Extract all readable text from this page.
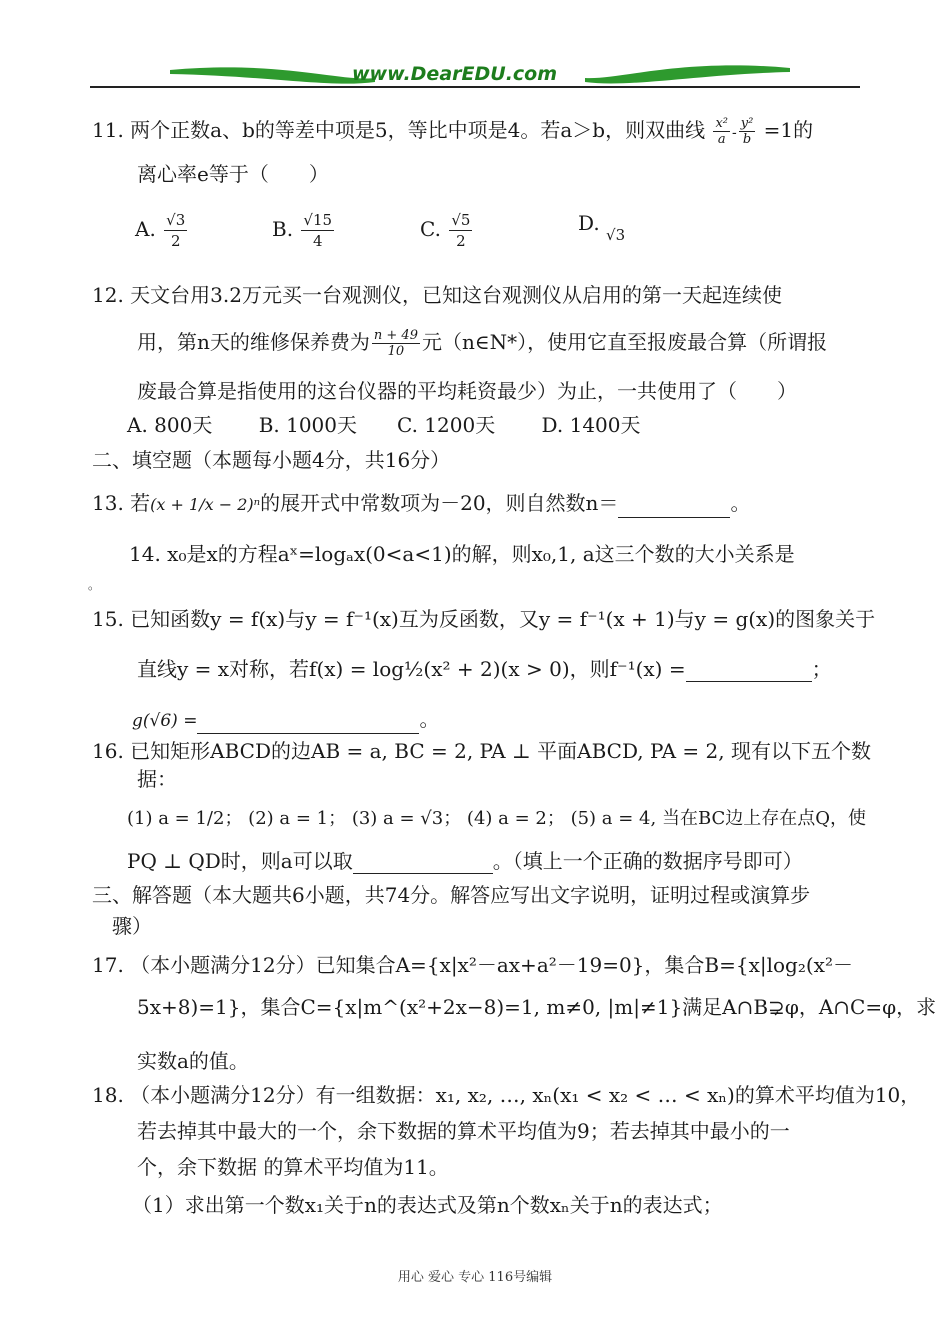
www.DearEDU.com
11. 两个正数a、b的等差中项是5，等比中项是4。若a＞b，则双曲线 $\frac{\text{x²}}{a} - \frac{\text{y²}}{b} =1$的
离心率e等于（　　）
A. $\frac{√3}{2}$	B. $\frac{√15}{4}$	C. $\frac{√5}{2}$	D. $_{√3}$
12. 天文台用3.2万元买一台观测仪，已知这台观测仪从启用的第一天起连续使
用，第n天的维修保养费为 $\frac{n + 49}{10}$ 元（n∈N*），使用它直至报废最合算（所谓报
废最合算是指使用的这台仪器的平均耗资最少）为止，一共使用了（　　）
A. 800天　　 B. 1000天　　C. 1200天　　 D. 1400天
二、填空题（本题每小题4分，共16分）
13. 若(x + 1/x − 2)ⁿ的展开式中常数项为－20，则自然数n＝	。
14. x₀是x的方程aˣ=logₐx(0<a<1)的解，则x₀,1, a这三个数的大小关系是
。
15. 已知函数y = f(x)与y = f⁻¹(x)互为反函数，又y = f⁻¹(x + 1)与y = g(x)的图象关于
直线y = x对称，若f(x) = log½(x² + 2)(x > 0)，则f⁻¹(x) =	；
g(√6) =	。
16. 已知矩形ABCD的边AB = a, BC = 2, PA ⊥ 平面ABCD, PA = 2, 现有以下五个数
据：
(1) a = 1/2； (2) a = 1； (3) a = √3； (4) a = 2； (5) a = 4, 当在BC边上存在点Q，使
PQ ⊥ QD时，则a可以取	。（填上一个正确的数据序号即可）
三、解答题（本大题共6小题，共74分。解答应写出文字说明，证明过程或演算步
骤）
17. （本小题满分12分）已知集合A={x|x²－ax+a²－19=0}，集合B={x|log₂(x²－
5x+8)=1}，集合C={x|m^(x²+2x−8)=1, m≠0, |m|≠1}满足A∩B⊋φ，A∩C=φ，求
实数a的值。
18. （本小题满分12分）有一组数据：x₁, x₂, …, xₙ(x₁ < x₂ < … < xₙ)的算术平均值为10，
若去掉其中最大的一个，余下数据的算术平均值为9；若去掉其中最小的一
个，余下数据 的算术平均值为11。
（1）求出第一个数x₁关于n的表达式及第n个数xₙ关于n的表达式；
用心 爱心 专心 116号编辑
